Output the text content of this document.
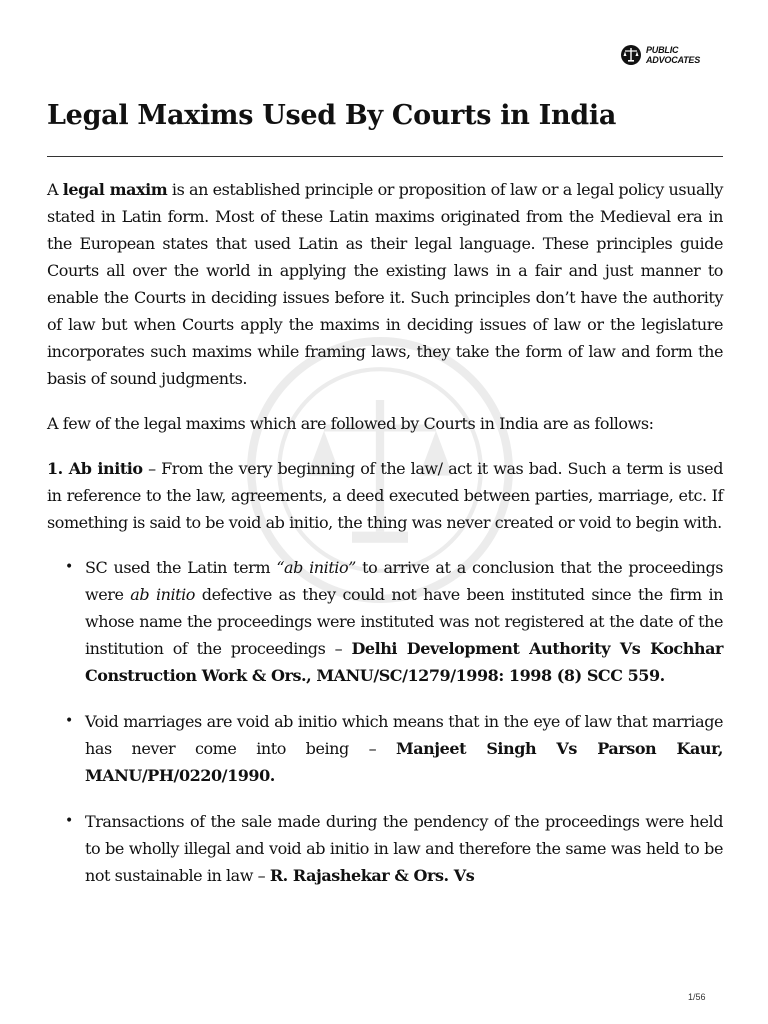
PUBLIC
ADVOCATES
Legal Maxims Used By Courts in India

A legal maxim is an established principle or proposition of law or a legal policy usually stated in Latin form. Most of these Latin maxims originated from the Medieval era in the European states that used Latin as their legal language. These principles guide Courts all over the world in applying the existing laws in a fair and just manner to enable the Courts in deciding issues before it. Such principles don’t have the authority of law but when Courts apply the maxims in deciding issues of law or the legislature incorporates such maxims while framing laws, they take the form of law and form the basis of sound judgments.

A few of the legal maxims which are followed by Courts in India are as follows:

1. Ab initio – From the very beginning of the law/ act it was bad. Such a term is used in reference to the law, agreements, a deed executed between parties, marriage, etc. If something is said to be void ab initio, the thing was never created or void to begin with.

• SC used the Latin term “ab initio” to arrive at a conclusion that the proceedings were ab initio defective as they could not have been instituted since the firm in whose name the proceedings were instituted was not registered at the date of the institution of the proceedings – Delhi Development Authority Vs Kochhar Construction Work & Ors., MANU/SC/1279/1998: 1998 (8) SCC 559.
• Void marriages are void ab initio which means that in the eye of law that marriage has never come into being – Manjeet Singh Vs Parson Kaur, MANU/PH/0220/1990.
• Transactions of the sale made during the pendency of the proceedings were held to be wholly illegal and void ab initio in law and therefore the same was held to be not sustainable in law – R. Rajashekar & Ors. Vs
1/56
